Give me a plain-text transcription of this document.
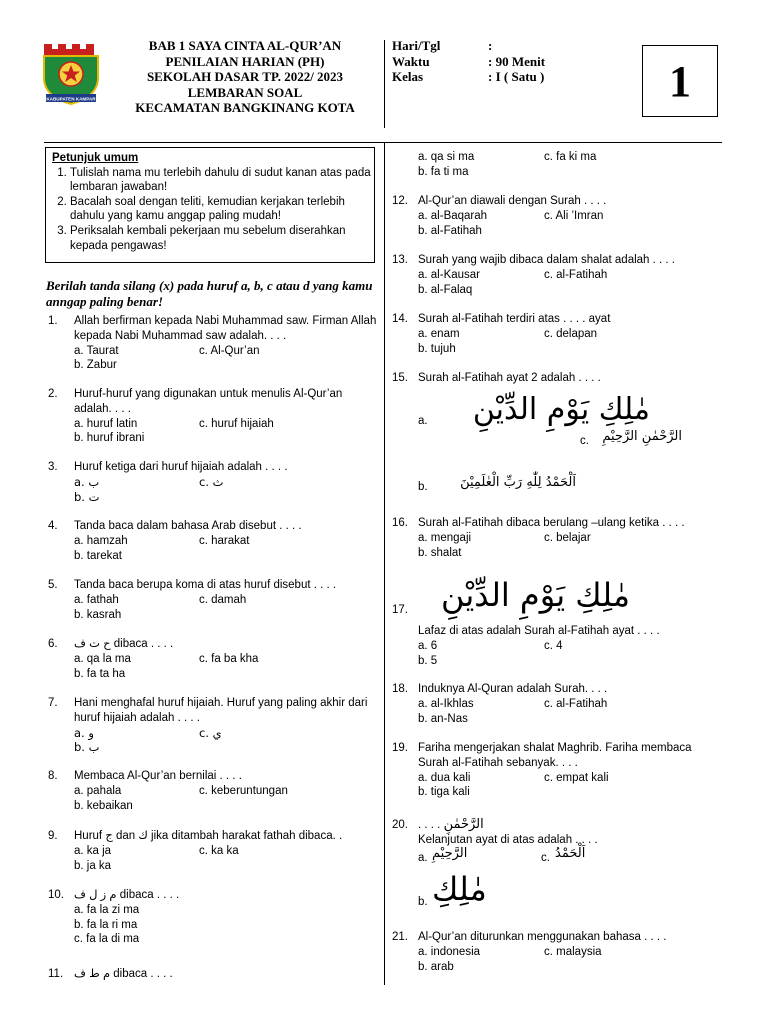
KABUPATEN KAMPAR
BAB 1 SAYA CINTA AL-QUR’AN
PENILAIAN HARIAN (PH)
SEKOLAH DASAR TP. 2022/ 2023
LEMBARAN SOAL
KECAMATAN BANGKINANG KOTA
Hari/Tgl	:
Waktu	: 90 Menit
Kelas	: I ( Satu )	1
Petunjuk umum
1. Tulislah nama mu terlebih dahulu di sudut kanan atas pada lembaran jawaban!
2. Bacalah soal dengan teliti, kemudian kerjakan terlebih dahulu yang kamu anggap paling mudah!
3. Periksalah kembali pekerjaan mu sebelum diserahkan kepada pengawas!
Berilah tanda silang (x) pada huruf a, b, c atau d yang kamu anngap paling benar!
1.	Allah berfirman kepada Nabi Muhammad saw. Firman Allah kepada Nabi Muhammad saw adalah. . . .
a. Taurat	c. Al-Qur’an
b. Zabur
2.	Huruf-huruf yang digunakan untuk menulis Al-Qur’an adalah. . . .
a. huruf latin	c. huruf hijaiah
b. huruf ibrani
3.	Huruf ketiga dari huruf hijaiah adalah . . . .
a. ب	c. ث
b. ت
4.	Tanda baca dalam bahasa Arab disebut . . . .
a. hamzah	c. harakat
b. tarekat
5.	Tanda baca berupa koma di atas huruf disebut . . . .
a. fathah	c. damah
b. kasrah
6.	ح ت ف dibaca . . . .
a. qa la ma	c. fa ba kha
b. fa ta ha
7.	Hani menghafal huruf hijaiah. Huruf yang paling akhir dari huruf hijaiah adalah . . . .
a. و	c. ي
b. ب
8.	Membaca Al-Qur’an bernilai . . . .
a. pahala	c. keberuntungan
b. kebaikan
9.	Huruf ج dan ك jika ditambah harakat fathah dibaca. .
a. ka ja	c. ka ka
b. ja ka
10. م ز ل ف dibaca . . . .
a. fa la zi ma
b. fa la ri ma
c. fa la di ma
11. م ط ف dibaca . . . .
a. qa si ma	c. fa ki ma
b. fa ti ma
12. Al-Qur’an diawali dengan Surah . . . .
a. al-Baqarah	c. Ali ’Imran
b. al-Fatihah
13. Surah yang wajib dibaca dalam shalat adalah . . . .
a. al-Kausar	c. al-Fatihah
b. al-Falaq
14. Surah al-Fatihah terdiri atas . . . . ayat
a. enam	c. delapan
b. tujuh
15. Surah al-Fatihah ayat 2 adalah . . . .
a.	مٰلِكِ يَوْمِ الدِّيْنِ
c.	الرَّحْمٰنِ الرَّحِيْمِ
b.	اَلْحَمْدُ لِلّٰهِ رَبِّ الْعٰلَمِيْنَ
16. Surah al-Fatihah dibaca berulang –ulang ketika . . . .
a. mengaji	c. belajar
b. shalat
17.	مٰلِكِ يَوْمِ الدِّيْنِ
Lafaz di atas adalah Surah al-Fatihah ayat . . . .
a. 6	c. 4
b. 5
18. Induknya Al-Quran adalah Surah. . . .
a. al-Ikhlas	c. al-Fatihah
b. an-Nas
19. Fariha mengerjakan shalat Maghrib. Fariha membaca Surah al-Fatihah sebanyak. . . .
a. dua kali	c. empat kali
b. tiga kali
20. . . . . الرَّحْمٰنِ
Kelanjutan ayat di atas adalah . . . .
a. الرَّحِيْمِ	c. اَلْحَمْدُ
b. مٰلِكِ
21. Al-Qur’an diturunkan menggunakan bahasa . . . .
a. indonesia	c. malaysia
b. arab
